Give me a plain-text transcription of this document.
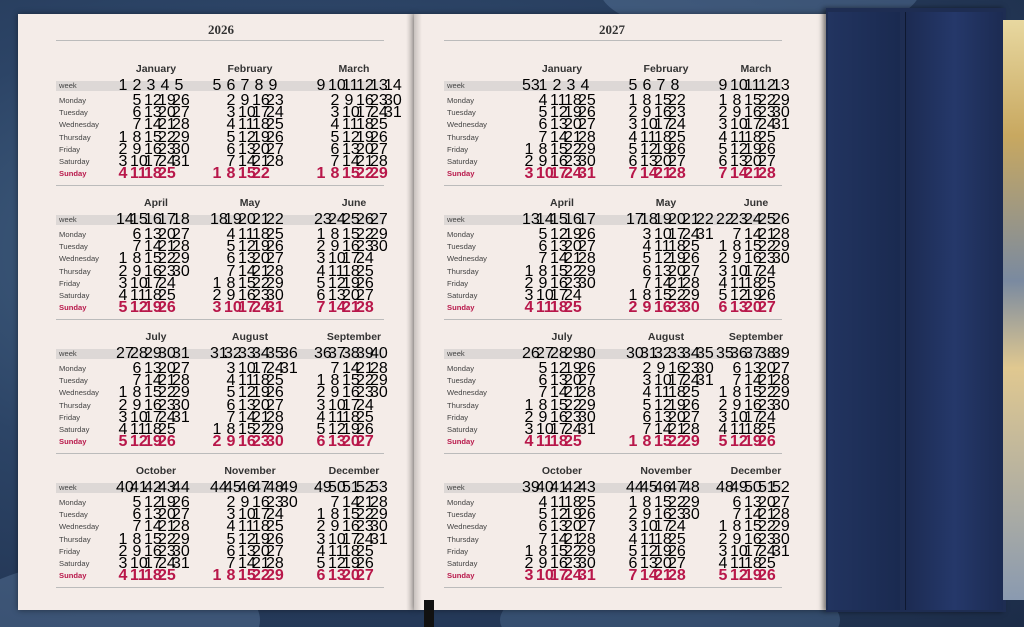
2026
week
Monday
Tuesday
Wednesday
Thursday
Friday
Saturday
Sunday
January
1 2 3 4 5
5 12
19
26
6 13
20
27
7 14
21
28
1 8 15
22
29
2 9 16
23
30
3 10
17
24
31
4 11
18
25
February
5 6 7 8 9
2 9 16
23
3 10
17
24
4 11
18
25
5 12
19
26
6 13
20
27
7 14
21
28
1 8 15
22
March
9 10
11
12
13
14
2 9 16
23
30
3 10
17
24
31
4 11
18
25
5 12
19
26
6 13
20
27
7 14
21
28
1 8 15
22
29
week
Monday
Tuesday
Wednesday
Thursday
Friday
Saturday
Sunday
April
14
15
16
17
18
6 13
20
27
7 14
21
28
1 8 15
22
29
2 9 16
23
30
3 10
17
24
4 11
18
25
5 12
19
26
May
18
19
20
21
22
4 11
18
25
5 12
19
26
6 13
20
27
7 14
21
28
1 8 15
22
29
2 9 16
23
30
3 10
17
24
31
June
23
24
25
26
27
1 8 15
22
29
2 9 16
23
30
3 10
17
24
4 11
18
25
5 12
19
26
6 13
20
27
7 14
21
28
week
Monday
Tuesday
Wednesday
Thursday
Friday
Saturday
Sunday
July
27
28
29
30
31
6 13
20
27
7 14
21
28
1 8 15
22
29
2 9 16
23
30
3 10
17
24
31
4 11
18
25
5 12
19
26
August
31
32
33
34
35
36
3 10
17
24
31
4 11
18
25
5 12
19
26
6 13
20
27
7 14
21
28
1 8 15
22
29
2 9 16
23
30
September
36
37
38
39
40
7 14
21
28
1 8 15
22
29
2 9 16
23
30
3 10
17
24
4 11
18
25
5 12
19
26
6 13
20
27
week
Monday
Tuesday
Wednesday
Thursday
Friday
Saturday
Sunday
October
40
41
42
43
44
5 12
19
26
6 13
20
27
7 14
21
28
1 8 15
22
29
2 9 16
23
30
3 10
17
24
31
4 11
18
25
November
44
45
46
47
48
49
2 9 16
23
30
3 10
17
24
4 11
18
25
5 12
19
26
6 13
20
27
7 14
21
28
1 8 15
22
29
December
49
50
51
52
53
7 14
21
28
1 8 15
22
29
2 9 16
23
30
3 10
17
24
31
4 11
18
25
5 12
19
26
6 13
20
27
2027
week
Monday
Tuesday
Wednesday
Thursday
Friday
Saturday
Sunday
January
53
1 2 3 4
4 11
18
25
5 12
19
26
6 13
20
27
7 14
21
28
1 8 15
22
29
2 9 16
23
30
3 10
17
24
31
February
5 6 7 8
1 8 15
22
2 9 16
23
3 10
17
24
4 11
18
25
5 12
19
26
6 13
20
27
7 14
21
28
March
9 10
11
12
13
1 8 15
22
29
2 9 16
23
30
3 10
17
24
31
4 11
18
25
5 12
19
26
6 13
20
27
7 14
21
28
week
Monday
Tuesday
Wednesday
Thursday
Friday
Saturday
Sunday
April
13
14
15
16
17
5 12
19
26
6 13
20
27
7 14
21
28
1 8 15
22
29
2 9 16
23
30
3 10
17
24
4 11
18
25
May
17
18
19
20
21
22
3 10
17
24
31
4 11
18
25
5 12
19
26
6 13
20
27
7 14
21
28
1 8 15
22
29
2 9 16
23
30
June
22
23
24
25
26
7 14
21
28
1 8 15
22
29
2 9 16
23
30
3 10
17
24
4 11
18
25
5 12
19
26
6 13
20
27
week
Monday
Tuesday
Wednesday
Thursday
Friday
Saturday
Sunday
July
26
27
28
29
30
5 12
19
26
6 13
20
27
7 14
21
28
1 8 15
22
29
2 9 16
23
30
3 10
17
24
31
4 11
18
25
August
30
31
32
33
34
35
2 9 16
23
30
3 10
17
24
31
4 11
18
25
5 12
19
26
6 13
20
27
7 14
21
28
1 8 15
22
29
September
35
36
37
38
39
6 13
20
27
7 14
21
28
1 8 15
22
29
2 9 16
23
30
3 10
17
24
4 11
18
25
5 12
19
26
week
Monday
Tuesday
Wednesday
Thursday
Friday
Saturday
Sunday
October
39
40
41
42
43
4 11
18
25
5 12
19
26
6 13
20
27
7 14
21
28
1 8 15
22
29
2 9 16
23
30
3 10
17
24
31
November
44
45
46
47
48
1 8 15
22
29
2 9 16
23
30
3 10
17
24
4 11
18
25
5 12
19
26
6 13
20
27
7 14
21
28
December
48
49
50
51
52
6 13
20
27
7 14
21
28
1 8 15
22
29
2 9 16
23
30
3 10
17
24
31
4 11
18
25
5 12
19
26
